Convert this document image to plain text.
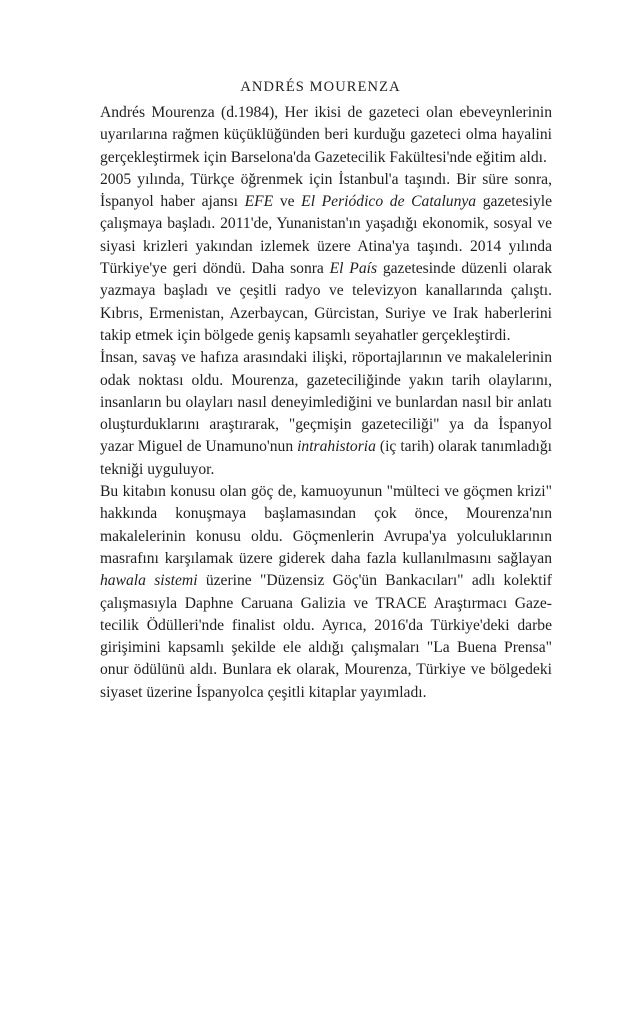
ANDRÉS MOURENZA

Andrés Mourenza (d.1984), Her ikisi de gazeteci olan ebeveynlerinin uyarılarına rağmen küçüklüğünden beri kurduğu gazeteci olma hayalini gerçekleştirmek için Barselona'da Gazetecilik Fakültesi'nde eğitim aldı.

2005 yılında, Türkçe öğrenmek için İstanbul'a taşındı. Bir süre sonra, İspanyol haber ajansı EFE ve El Periódico de Catalunya gazetesiyle çalışmaya başladı. 2011'de, Yunanistan'ın yaşadığı ekonomik, sosyal ve siyasi krizleri yakından izlemek üzere Atina'ya taşındı. 2014 yılında Türkiye'ye geri döndü. Daha sonra El País gazetesinde düzenli olarak yazmaya başladı ve çeşitli radyo ve televizyon kanallarında çalıştı. Kıbrıs, Ermenistan, Azerbaycan, Gürcistan, Suriye ve Irak haberlerini takip etmek için bölgede geniş kapsamlı seyahatler gerçekleştirdi.

İnsan, savaş ve hafıza arasındaki ilişki, röportajlarının ve makalelerinin odak noktası oldu. Mourenza, gazeteciliğinde yakın tarih olaylarını, insanların bu olayları nasıl deneyimlediğini ve bunlardan nasıl bir anlatı oluşturduklarını araştırarak, "geçmişin gazeteciliği" ya da İspanyol yazar Miguel de Unamuno'nun intrahistoria (iç tarih) olarak tanımladığı tekniği uyguluyor.

Bu kitabın konusu olan göç de, kamuoyunun "mülteci ve göçmen krizi" hakkında konuşmaya başlamasından çok önce, Mourenza'nın makalelerinin konusu oldu. Göçmenlerin Avrupa'ya yolculuklarının masrafını karşılamak üzere giderek daha fazla kullanılmasını sağlayan hawala sistemi üzerine "Düzensiz Göç'ün Bankacıları" adlı kolektif çalışmasıyla Daphne Caruana Galizia ve TRACE Araştırmacı Gazetecilik Ödülleri'nde finalist oldu. Ayrıca, 2016'da Türkiye'deki darbe girişimini kapsamlı şekilde ele aldığı çalışmaları "La Buena Prensa" onur ödülünü aldı. Bunlara ek olarak, Mourenza, Türkiye ve bölgedeki siyaset üzerine İspanyolca çeşitli kitaplar yayımladı.
